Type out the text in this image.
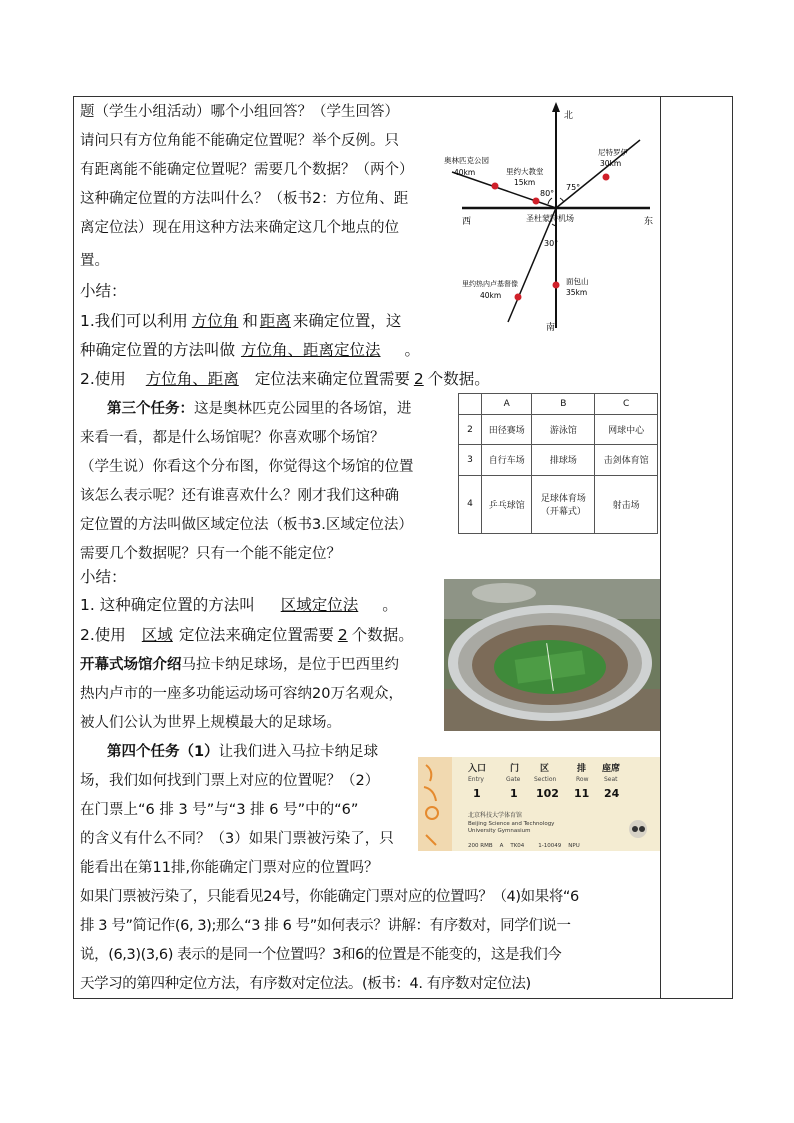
题（学生小组活动）哪个小组回答？（学生回答）
请问只有方位角能不能确定位置呢？举个反例。只
有距离能不能确定位置呢？需要几个数据？（两个）
这种确定位置的方法叫什么？（板书2：方位角、距
离定位法）现在用这种方法来确定这几个地点的位
置。
小结：
1.我们可以利用 方位角 和 距离 来确定位置，这
种确定位置的方法叫做 方位角、距离定位法 。
2.使用 方位角、距离 定位法来确定位置需要 2 个数据。
第三个任务：这是奥林匹克公园里的各场馆，进
来看一看，都是什么场馆呢？你喜欢哪个场馆？
（学生说）你看这个分布图，你觉得这个场馆的位置
该怎么表示呢？还有谁喜欢什么？刚才我们这种确
定位置的方法叫做区域定位法（板书3.区域定位法）
需要几个数据呢？只有一个能不能定位？
小结：
1. 这种确定位置的方法叫 区域定位法 。
2.使用 区域 定位法来确定位置需要 2 个数据。
开幕式场馆介绍马拉卡纳足球场，是位于巴西里约
热内卢市的一座多功能运动场可容纳20万名观众，
被人们公认为世界上规模最大的足球场。
第四个任务（1）让我们进入马拉卡纳足球
场，我们如何找到门票上对应的位置呢？（2）
在门票上“6 排 3 号”与“3 排 6 号”中的“6”
的含义有什么不同？（3）如果门票被污染了，只
能看出在第11排,你能确定门票对应的位置吗？
如果门票被污染了，只能看见24号，你能确定门票对应的位置吗？（4)如果将“6
排 3 号”简记作(6, 3);那么“3 排 6 号”如何表示？讲解：有序数对，同学们说一
说，(6,3)(3,6) 表示的是同一个位置吗？3和6的位置是不能变的，这是我们今
天学习的第四种定位方法，有序数对定位法。(板书：4. 有序数对定位法)
北
南
东
西	圣杜蒙特机场
奥林匹克公园
40km	里约大教堂
15km
尼特罗伊
30km
里约热内卢基督像
40km
面包山
35km
80°
75°
30°
	A	B	C
2	田径赛场	游泳馆	网球中心
3	自行车场	排球场	击剑体育馆
4	乒乓球馆	足球体育场
（开幕式）	射击场
入口	门 区	排 座席
Entry	Gate Section	Row	Seat
1	1 102 11 24
北京科技大学体育馆
Beijing Science and Technology
University Gymnasium
200 RMB    A    TK04        1-10049    NPU
